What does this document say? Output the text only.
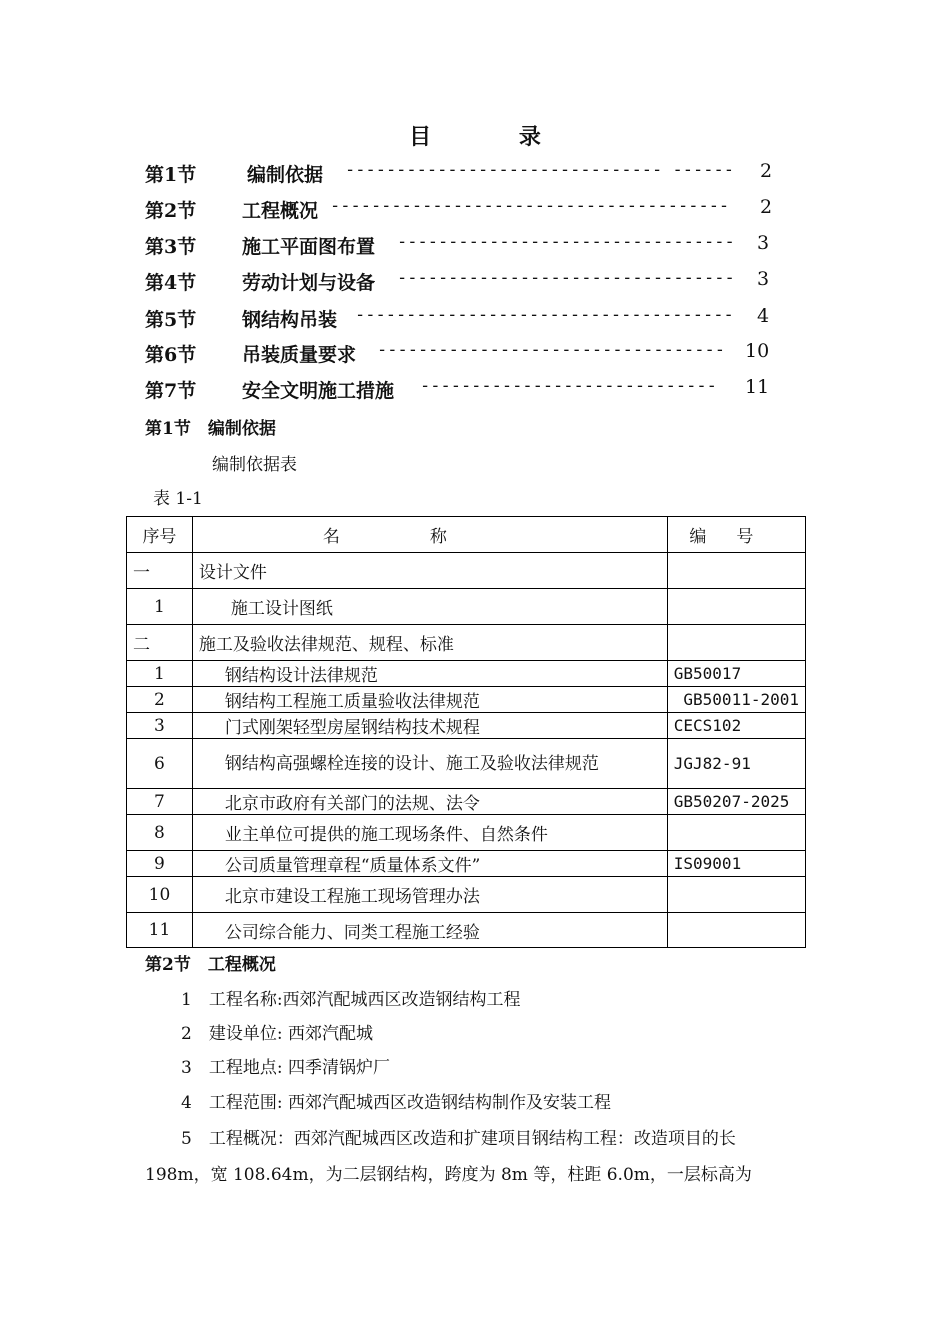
目 录
第1节	编制依据 ------------------------------- ------	2
第2节 工程概况 ---------------------------------------	2
第3节 施工平面图布置 ---------------------------------	3
第4节 劳动计划与设备 ---------------------------------	3
第5节 钢结构吊装 -------------------------------------	4
第6节 吊装质量要求 ----------------------------------	10
第7节 安全文明施工措施 -----------------------------	11
第1节　编制依据
编制依据表
表 1-1
序号	名称	编号
一	设计文件	
1	施工设计图纸	
二	施工及验收法律规范、规程、标准	
1	钢结构设计法律规范	GB50017
2	钢结构工程施工质量验收法律规范	GB50011-2001
3	门式刚架轻型房屋钢结构技术规程	CECS102
6	钢结构高强螺栓连接的设计、施工及验收法律规范	JGJ82-91
7	北京市政府有关部门的法规、法令	GB50207-2025
8	业主单位可提供的施工现场条件、自然条件	
9	公司质量管理章程“质量体系文件”	IS09001
10	北京市建设工程施工现场管理办法	
11	公司综合能力、同类工程施工经验	
第2节　工程概况
1　工程名称:西郊汽配城西区改造钢结构工程
2　建设单位: 西郊汽配城
3　工程地点: 四季清锅炉厂
4　工程范围: 西郊汽配城西区改造钢结构制作及安装工程
5　工程概况：西郊汽配城西区改造和扩建项目钢结构工程：改造项目的长
198m，宽 108.64m，为二层钢结构，跨度为 8m 等，柱距 6.0m，一层标高为
